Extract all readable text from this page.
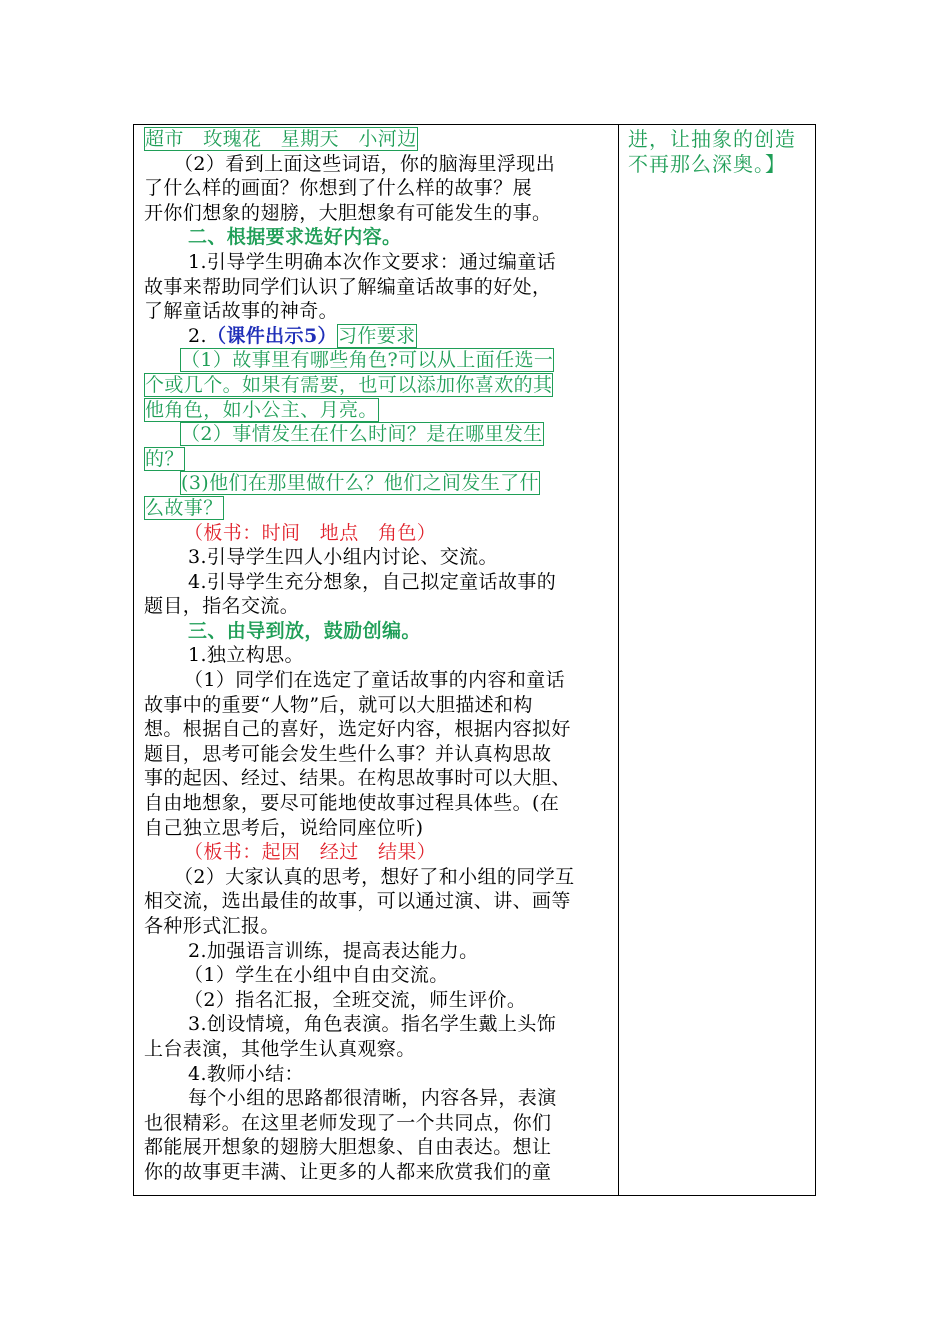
超市　玫瑰花　星期天　小河边
（2）看到上面这些词语，你的脑海里浮现出
了什么样的画面？你想到了什么样的故事？展
开你们想象的翅膀，大胆想象有可能发生的事。
二、根据要求选好内容。
1.引导学生明确本次作文要求：通过编童话
故事来帮助同学们认识了解编童话故事的好处，
了解童话故事的神奇。
2.（课件出示5）习作要求
（1）故事里有哪些角色?可以从上面任选一
个或几个。如果有需要，也可以添加你喜欢的其
他角色，如小公主、月亮。
（2）事情发生在什么时间？是在哪里发生
的？
(3)他们在那里做什么？他们之间发生了什
么故事？
（板书：时间　地点　角色）
3.引导学生四人小组内讨论、交流。
4.引导学生充分想象，自己拟定童话故事的
题目，指名交流。
三、由导到放，鼓励创编。
1.独立构思。
（1）同学们在选定了童话故事的内容和童话
故事中的重要“人物”后，就可以大胆描述和构
想。根据自己的喜好，选定好内容，根据内容拟好
题目，思考可能会发生些什么事？并认真构思故
事的起因、经过、结果。在构思故事时可以大胆、
自由地想象，要尽可能地使故事过程具体些。(在
自己独立思考后，说给同座位听)
（板书：起因　经过　结果）
（2）大家认真的思考，想好了和小组的同学互
相交流，选出最佳的故事，可以通过演、讲、画等
各种形式汇报。
2.加强语言训练，提高表达能力。
（1）学生在小组中自由交流。
（2）指名汇报，全班交流，师生评价。
3.创设情境，角色表演。指名学生戴上头饰
上台表演，其他学生认真观察。
4.教师小结：
每个小组的思路都很清晰，内容各异，表演
也很精彩。在这里老师发现了一个共同点，你们
都能展开想象的翅膀大胆想象、自由表达。想让
你的故事更丰满、让更多的人都来欣赏我们的童
进，让抽象的创造
不再那么深奥。】
